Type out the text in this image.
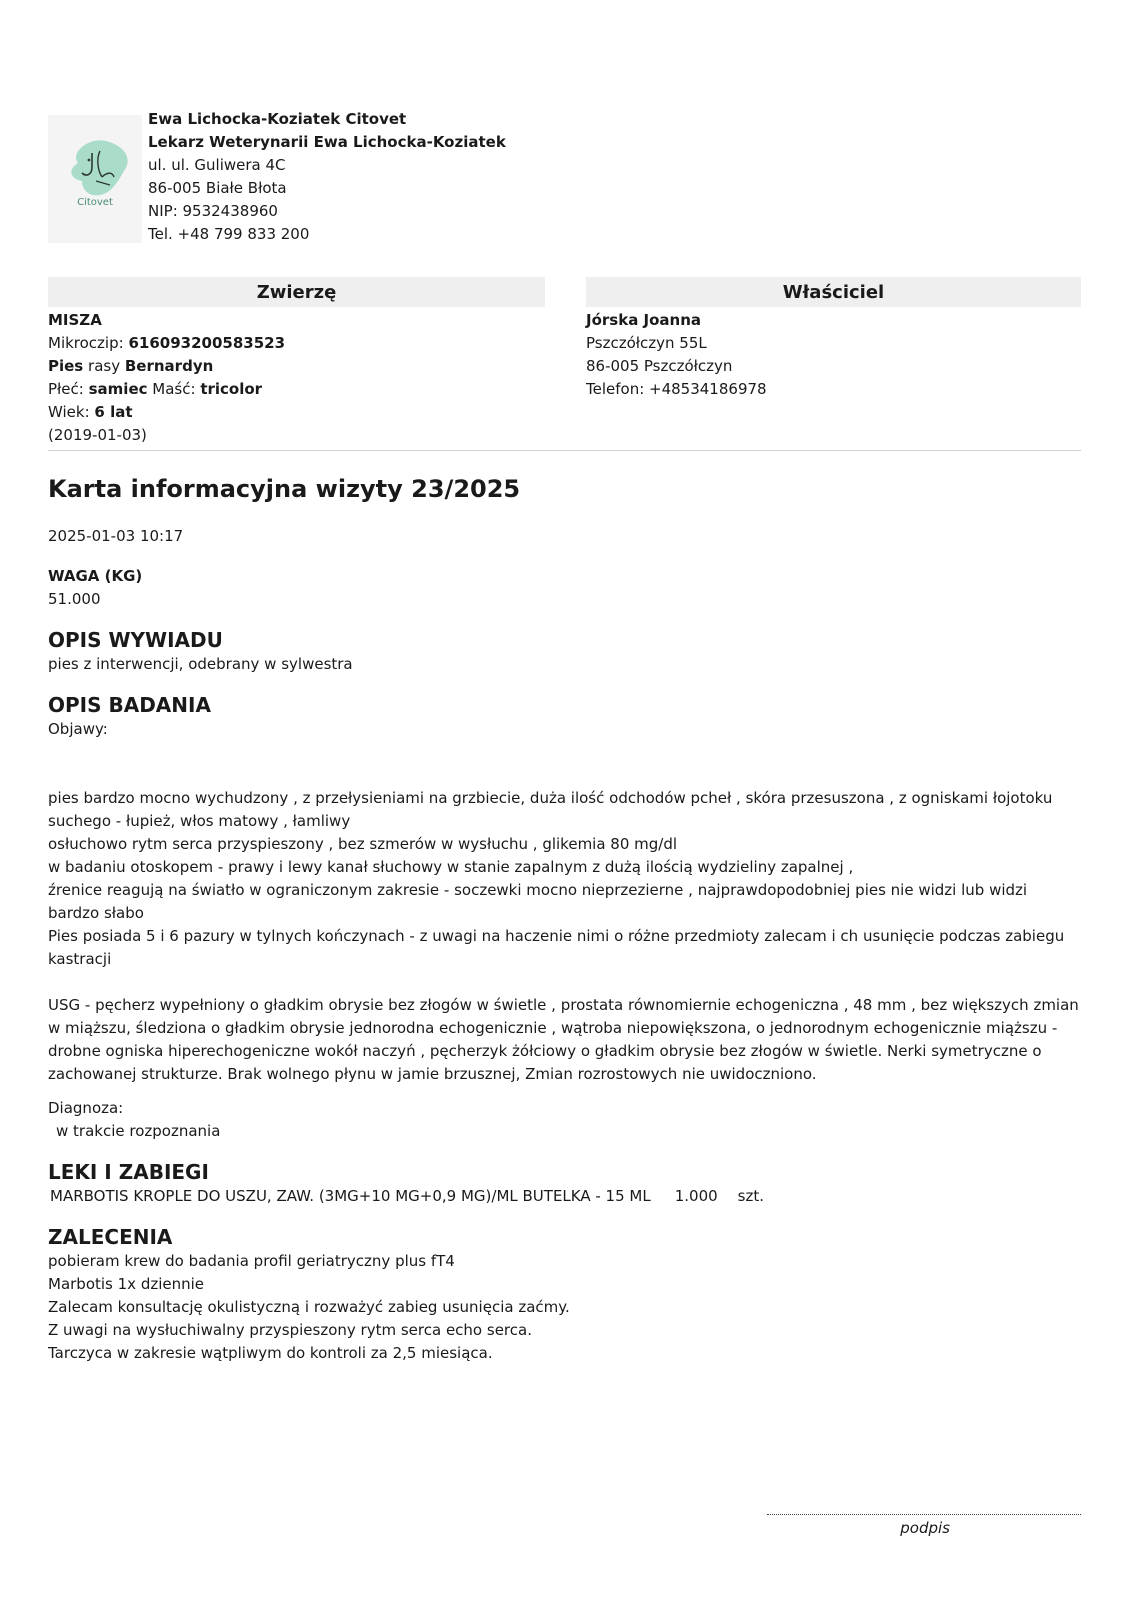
Citovet
Ewa Lichocka-Koziatek Citovet
Lekarz Weterynarii Ewa Lichocka-Koziatek
ul. ul. Guliwera 4C
86-005 Białe Błota
NIP: 9532438960
Tel. +48 799 833 200
Zwierzę
MISZA
Mikroczip: 616093200583523
Pies rasy Bernardyn
Płeć: samiec Maść: tricolor
Wiek: 6 lat
(2019-01-03)
Właściciel
Jórska Joanna
Pszczółczyn 55L
86-005 Pszczółczyn
Telefon: +48534186978
Karta informacyjna wizyty 23/2025
2025-01-03 10:17
WAGA (KG)
51.000
OPIS WYWIADU
pies z interwencji, odebrany w sylwestra
OPIS BADANIA
Objawy:
pies bardzo mocno wychudzony , z przełysieniami na grzbiecie, duża ilość odchodów pcheł , skóra przesuszona , z ogniskami łojotoku suchego - łupież, włos matowy , łamliwy
osłuchowo rytm serca przyspieszony , bez szmerów w wysłuchu , glikemia 80 mg/dl
w badaniu otoskopem - prawy i lewy kanał słuchowy w stanie zapalnym z dużą ilością wydzieliny zapalnej ,
źrenice reagują na światło w ograniczonym zakresie - soczewki mocno nieprzezierne , najprawdopodobniej pies nie widzi lub widzi bardzo słabo
Pies posiada 5 i 6 pazury w tylnych kończynach - z uwagi na haczenie nimi o różne przedmioty zalecam i ch usunięcie podczas zabiegu kastracji
USG - pęcherz wypełniony o gładkim obrysie bez złogów w świetle , prostata równomiernie echogeniczna , 48 mm , bez większych zmian w miąższu, śledziona o gładkim obrysie jednorodna echogenicznie , wątroba niepowiększona, o jednorodnym echogenicznie miąższu - drobne ogniska hiperechogeniczne wokół naczyń , pęcherzyk żółciowy o gładkim obrysie bez złogów w świetle. Nerki symetryczne o zachowanej strukturze. Brak wolnego płynu w jamie brzusznej, Zmian rozrostowych nie uwidoczniono.
Diagnoza:
w trakcie rozpoznania
LEKI I ZABIEGI
MARBOTIS KROPLE DO USZU, ZAW. (3MG+10 MG+0,9 MG)/ML BUTELKA - 15 ML 1.000 szt.
ZALECENIA
pobieram krew do badania profil geriatryczny plus fT4
Marbotis 1x dziennie
Zalecam konsultację okulistyczną i rozważyć zabieg usunięcia zaćmy.
Z uwagi na wysłuchiwalny przyspieszony rytm serca echo serca.
Tarczyca w zakresie wątpliwym do kontroli za 2,5 miesiąca.
podpis
